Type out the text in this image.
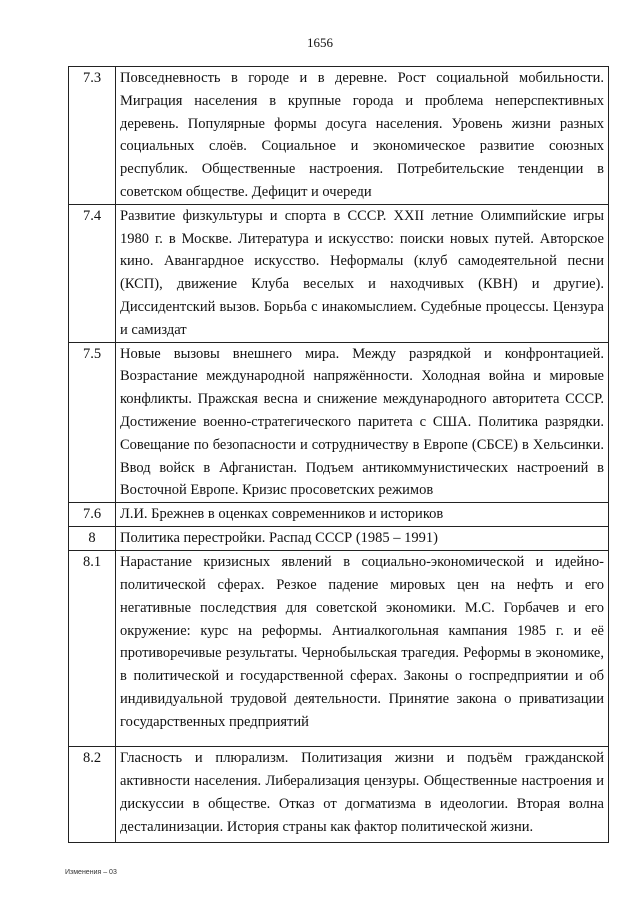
1656
7.3	Повседневность в городе и в деревне. Рост социальной мобильности. Миграция населения в крупные города и проблема неперспективных деревень. Популярные формы досуга населения. Уровень жизни разных социальных слоёв. Социальное и экономическое развитие союзных республик. Общественные настроения. Потребительские тенденции в советском обществе. Дефицит и очереди
7.4	Развитие физкультуры и спорта в СССР. XXII летние Олимпийские игры 1980 г. в Москве. Литература и искусство: поиски новых путей. Авторское кино. Авангардное искусство. Неформалы (клуб самодеятельной песни (КСП), движение Клуба веселых и находчивых (КВН) и другие). Диссидентский вызов. Борьба с инакомыслием. Судебные процессы. Цензура и самиздат
7.5	Новые вызовы внешнего мира. Между разрядкой и конфронтацией. Возрастание международной напряжённости. Холодная война и мировые конфликты. Пражская весна и снижение международного авторитета СССР. Достижение военно-стратегического паритета с США. Политика разрядки. Совещание по безопасности и сотрудничеству в Европе (СБСЕ) в Хельсинки. Ввод войск в Афганистан. Подъем антикоммунистических настроений в Восточной Европе. Кризис просоветских режимов
7.6	Л.И. Брежнев в оценках современников и историков
8	Политика перестройки. Распад СССР (1985 – 1991)
8.1	Нарастание кризисных явлений в социально-экономической и идейно-политической сферах. Резкое падение мировых цен на нефть и его негативные последствия для советской экономики. М.С. Горбачев и его окружение: курс на реформы. Антиалкогольная кампания 1985 г. и её противоречивые результаты. Чернобыльская трагедия. Реформы в экономике, в политической и государственной сферах. Законы о госпредприятии и об индивидуальной трудовой деятельности. Принятие закона о приватизации государственных предприятий
8.2	Гласность и плюрализм. Политизация жизни и подъём гражданской активности населения. Либерализация цензуры. Общественные настроения и дискуссии в обществе. Отказ от догматизма в идеологии. Вторая волна десталинизации. История страны как фактор политической жизни.
Изменения – 03
